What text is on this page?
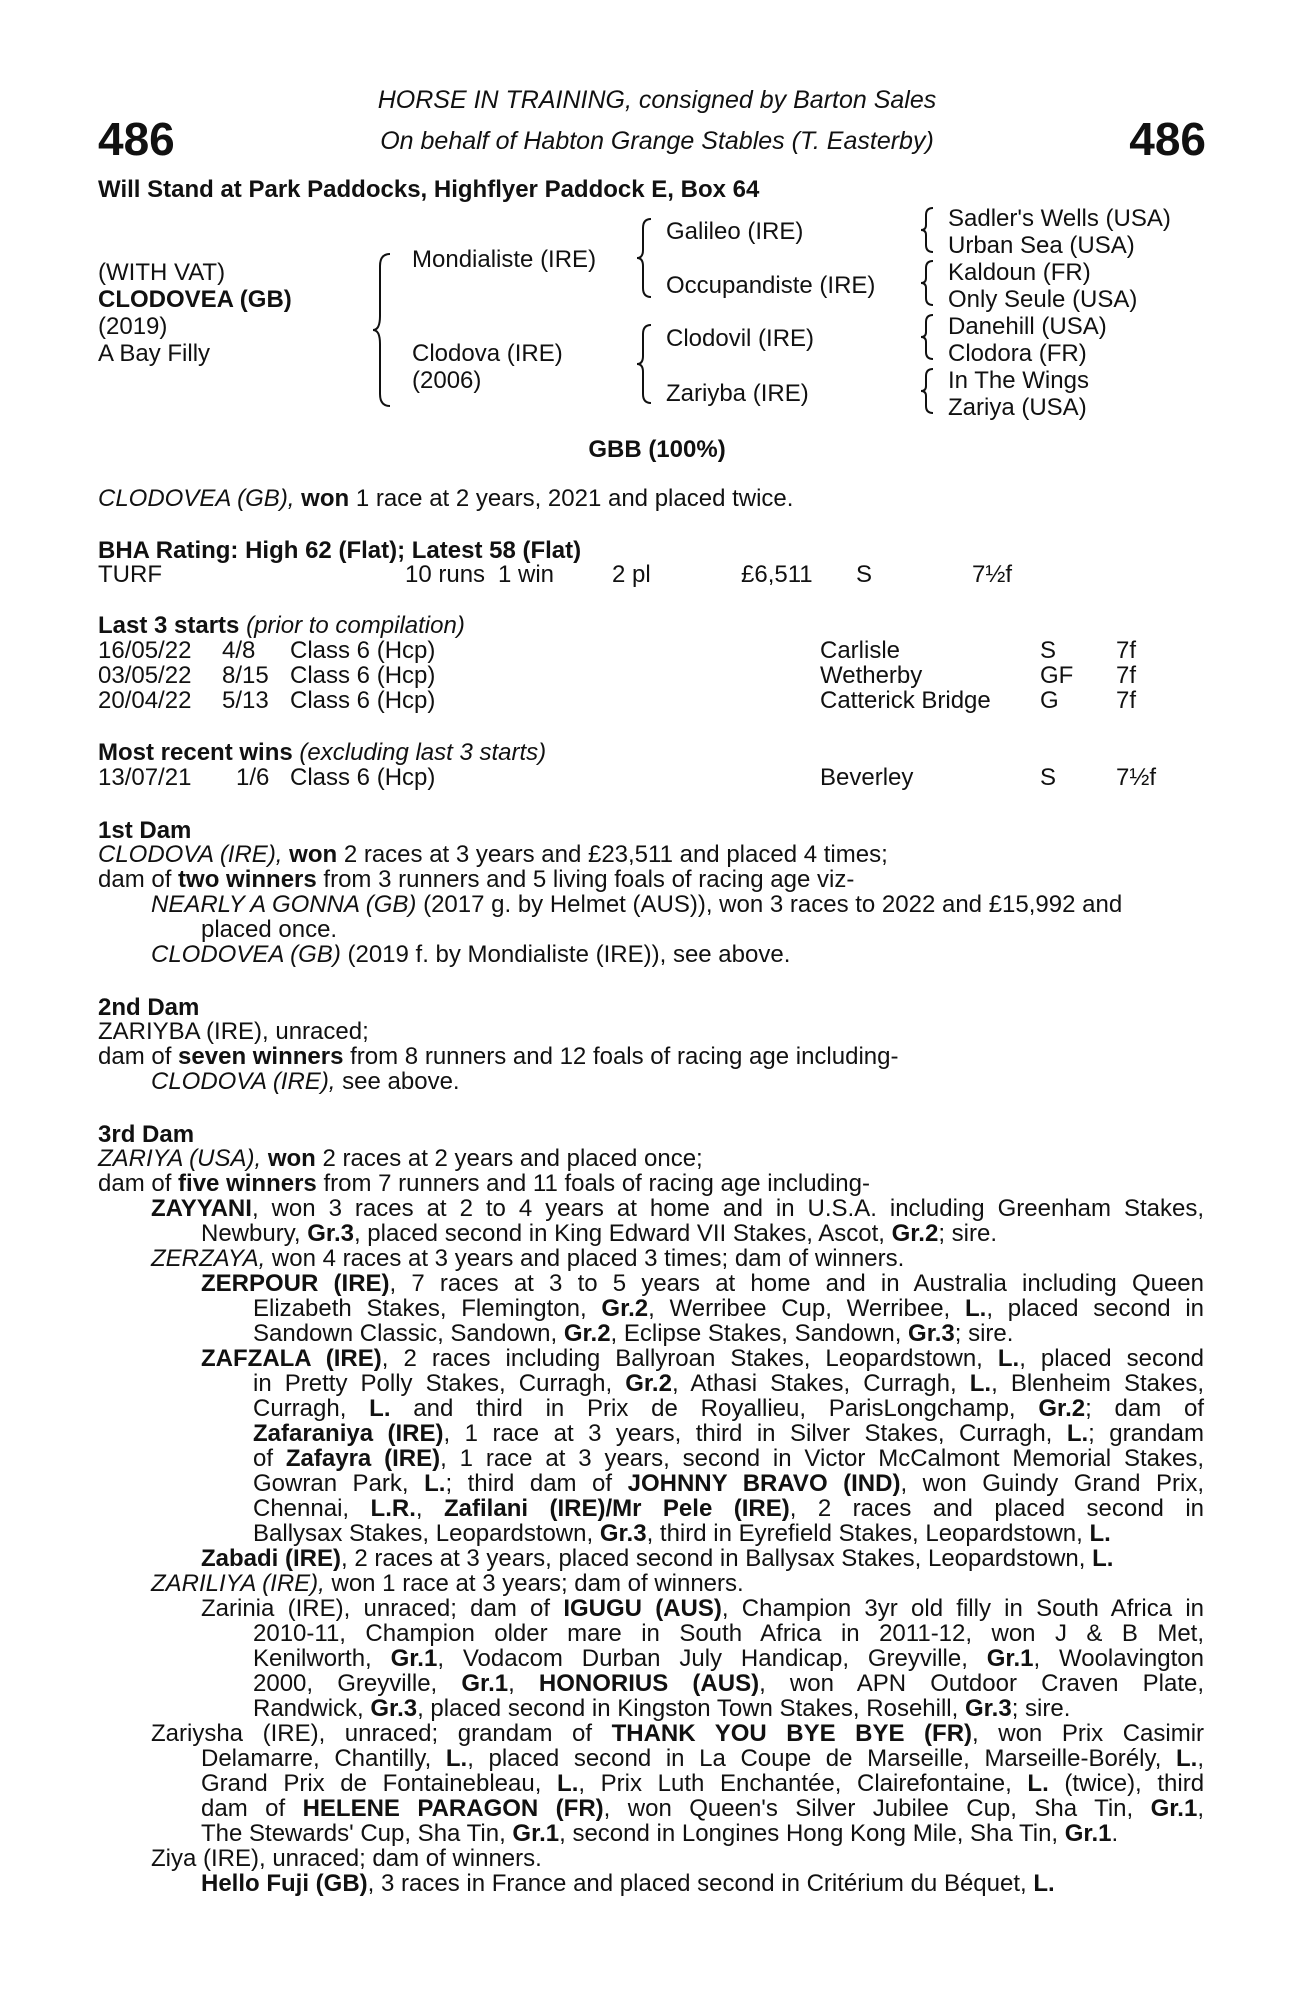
486	486
HORSE IN TRAINING, consigned by Barton Sales
On behalf of Habton Grange Stables (T. Easterby)
Will Stand at Park Paddocks, Highflyer Paddock E, Box 64
(WITH VAT)
CLODOVEA (GB)
(2019)
A Bay Filly
Mondialiste (IRE)
Clodova (IRE)
(2006)
Galileo (IRE)
Occupandiste (IRE)
Clodovil (IRE)
Zariyba (IRE)
Sadler's Wells (USA)
Urban Sea (USA)
Kaldoun (FR)
Only Seule (USA)
Danehill (USA)
Clodora (FR)
In The Wings
Zariya (USA)
GBB (100%)
CLODOVEA (GB), won 1 race at 2 years, 2021 and placed twice.
BHA Rating: High 62 (Flat); Latest 58 (Flat)
TURF	10 runs 1 win 2 pl	£6,511 S	7½f
Last 3 starts (prior to compilation)
16/05/22 4/8 Class 6 (Hcp)	Carlisle	S 7f
03/05/22 8/15 Class 6 (Hcp)	Wetherby	GF 7f
20/04/22 5/13 Class 6 (Hcp)	Catterick Bridge G 7f
Most recent wins (excluding last 3 starts)
13/07/21 1/6 Class 6 (Hcp)	Beverley	S 7½f
1st Dam
CLODOVA (IRE), won 2 races at 3 years and £23,511 and placed 4 times;
dam of two winners from 3 runners and 5 living foals of racing age viz-
NEARLY A GONNA (GB) (2017 g. by Helmet (AUS)), won 3 races to 2022 and £15,992 and
placed once.
CLODOVEA (GB) (2019 f. by Mondialiste (IRE)), see above.
2nd Dam
ZARIYBA (IRE), unraced;
dam of seven winners from 8 runners and 12 foals of racing age including-
CLODOVA (IRE), see above.
3rd Dam
ZARIYA (USA), won 2 races at 2 years and placed once;
dam of five winners from 7 runners and 11 foals of racing age including-
ZAYYANI, won 3 races at 2 to 4 years at home and in U.S.A. including Greenham Stakes,
Newbury, Gr.3, placed second in King Edward VII Stakes, Ascot, Gr.2; sire.
ZERZAYA, won 4 races at 3 years and placed 3 times; dam of winners.
ZERPOUR (IRE), 7 races at 3 to 5 years at home and in Australia including Queen
Elizabeth Stakes, Flemington, Gr.2, Werribee Cup, Werribee, L., placed second in
Sandown Classic, Sandown, Gr.2, Eclipse Stakes, Sandown, Gr.3; sire.
ZAFZALA (IRE), 2 races including Ballyroan Stakes, Leopardstown, L., placed second
in Pretty Polly Stakes, Curragh, Gr.2, Athasi Stakes, Curragh, L., Blenheim Stakes,
Curragh, L. and third in Prix de Royallieu, ParisLongchamp, Gr.2; dam of
Zafaraniya (IRE), 1 race at 3 years, third in Silver Stakes, Curragh, L.; grandam
of Zafayra (IRE), 1 race at 3 years, second in Victor McCalmont Memorial Stakes,
Gowran Park, L.; third dam of JOHNNY BRAVO (IND), won Guindy Grand Prix,
Chennai, L.R., Zafilani (IRE)/Mr Pele (IRE), 2 races and placed second in
Ballysax Stakes, Leopardstown, Gr.3, third in Eyrefield Stakes, Leopardstown, L.
Zabadi (IRE), 2 races at 3 years, placed second in Ballysax Stakes, Leopardstown, L.
ZARILIYA (IRE), won 1 race at 3 years; dam of winners.
Zarinia (IRE), unraced; dam of IGUGU (AUS), Champion 3yr old filly in South Africa in
2010-11, Champion older mare in South Africa in 2011-12, won J & B Met,
Kenilworth, Gr.1, Vodacom Durban July Handicap, Greyville, Gr.1, Woolavington
2000, Greyville, Gr.1, HONORIUS (AUS), won APN Outdoor Craven Plate,
Randwick, Gr.3, placed second in Kingston Town Stakes, Rosehill, Gr.3; sire.
Zariysha (IRE), unraced; grandam of THANK YOU BYE BYE (FR), won Prix Casimir
Delamarre, Chantilly, L., placed second in La Coupe de Marseille, Marseille-Borély, L.,
Grand Prix de Fontainebleau, L., Prix Luth Enchantée, Clairefontaine, L. (twice), third
dam of HELENE PARAGON (FR), won Queen's Silver Jubilee Cup, Sha Tin, Gr.1,
The Stewards' Cup, Sha Tin, Gr.1, second in Longines Hong Kong Mile, Sha Tin, Gr.1.
Ziya (IRE), unraced; dam of winners.
Hello Fuji (GB), 3 races in France and placed second in Critérium du Béquet, L.
